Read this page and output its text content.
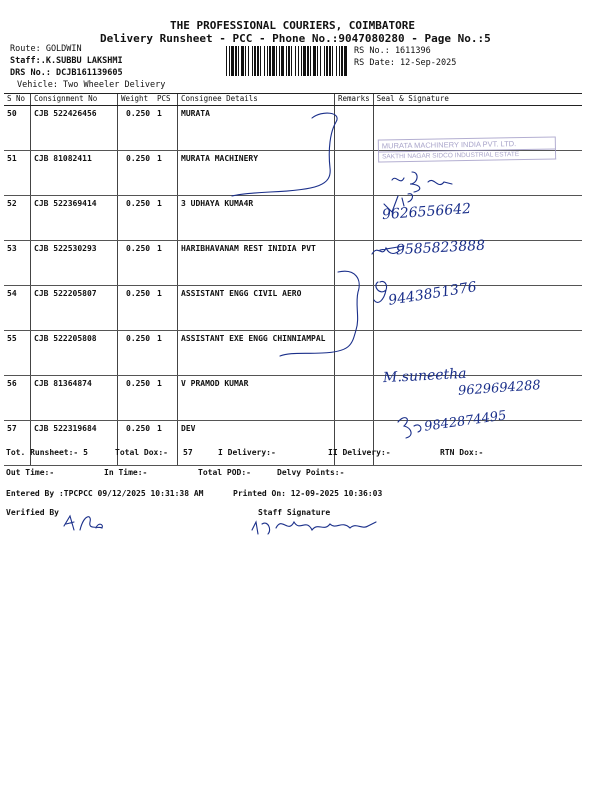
THE PROFESSIONAL COURIERS, COIMBATORE
Delivery Runsheet - PCC - Phone No.:9047080280 - Page No.:5
Route: GOLDWIN
Staff:.K.SUBBU LAKSHMI
DRS No.: DCJB161139605
Vehicle: Two Wheeler Delivery
RS No.: 1611396
RS Date: 12-Sep-2025
S No	Consignment No	Weight	PCS	Consignee Details	Remarks	Seal & Signature
50	CJB 522426456	0.250	1	MURATA		
51	CJB 81082411	0.250	1	MURATA MACHINERY		
52	CJB 522369414	0.250	1	3 UDHAYA KUMA4R		
53	CJB 522530293	0.250	1	HARIBHAVANAM REST INIDIA PVT		
54	CJB 522205807	0.250	1	ASSISTANT ENGG CIVIL AERO		
55	CJB 522205808	0.250	1	ASSISTANT EXE ENGG CHINNIAMPAL		
56	CJB 81364874	0.250	1	V PRAMOD KUMAR		
57	CJB 522319684	0.250	1	DEV		
Tot. Runsheet:- 5	Total Dox:- 57	I Delivery:-	II Delivery:-	RTN Dox:-
Out Time:-	In Time:-	Total POD:-	Delvy Points:-
Entered By :TPCPCC 09/12/2025 10:31:38 AM	Printed On: 12-09-2025 10:36:03
Verified By	Staff Signature
MURATA MACHINERY INDIA PVT. LTD.
SAKTHI NAGAR SIDCO INDUSTRIAL ESTATE
9626556642
9585823888
9443851376
M.suneetha
9629694288
9842874495
